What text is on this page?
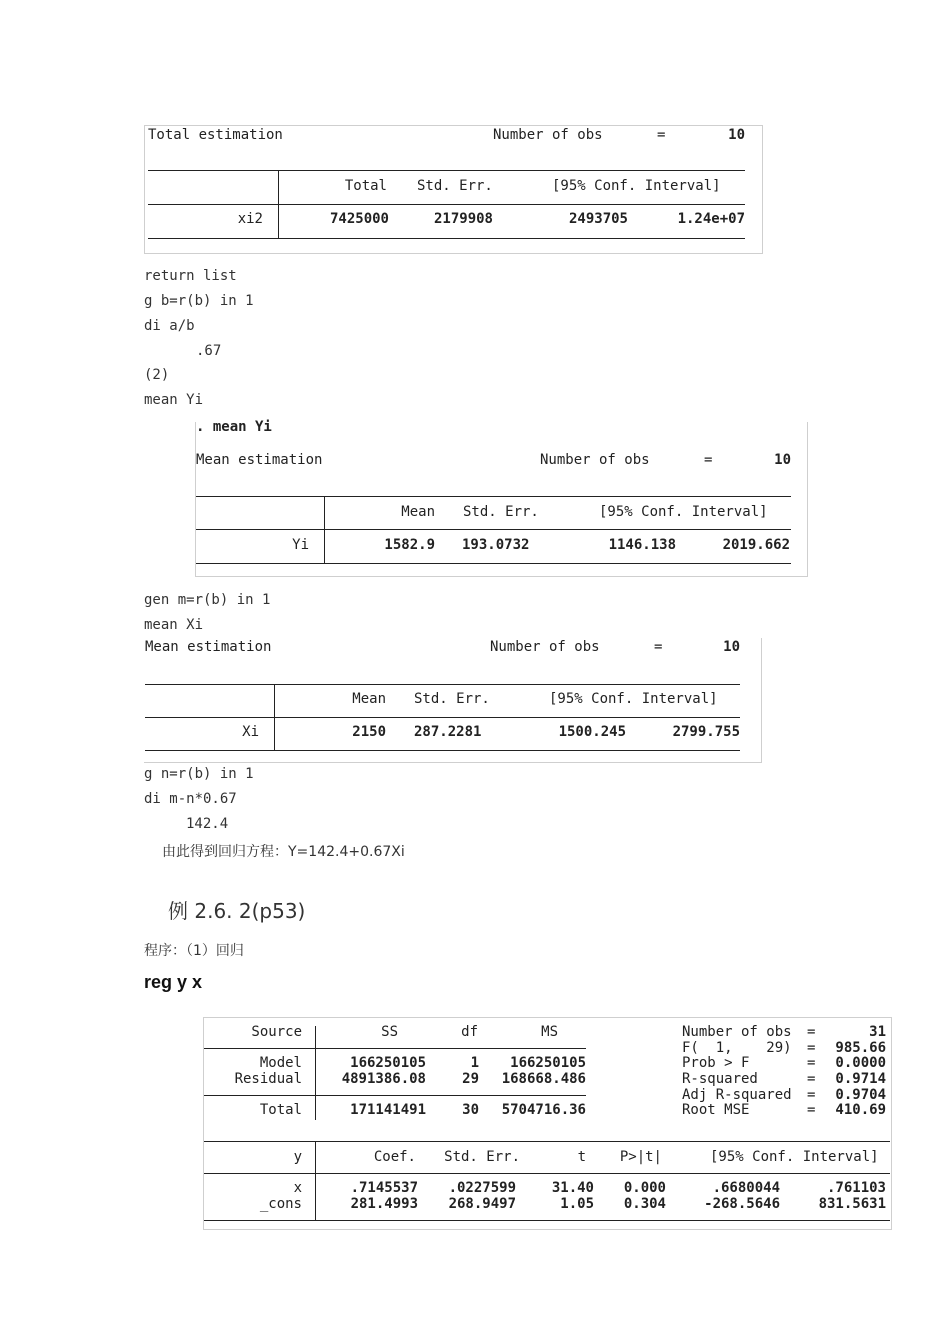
Total estimation	Number of obs	=	10
Total Std. Err.	[95% Conf. Interval]
xi2	7425000	2179908	2493705	1.24e+07
return list
g b=r(b) in 1
di a/b
.67
(2)
mean Yi
. mean Yi
Mean estimation	Number of obs	=	10
Mean Std. Err.	[95% Conf. Interval]
Yi	1582.9 193.0732	1146.138	2019.662
gen m=r(b) in 1
mean Xi
Mean estimation	Number of obs	=	10
Mean Std. Err.	[95% Conf. Interval]
Xi	2150 287.2281	1500.245	2799.755
g n=r(b) in 1
di m-n*0.67
142.4
由此得到回归方程：Y=142.4+0.67Xi
例 2.6. 2(p53)
程序：（1）回归
reg y x
Source	SS	df	MS
Model	166250105	1	166250105
Residual	4891386.08	29	168668.486
Total	171141491	30	5704716.36
Number of obs =	31
F(  1,    29) =	985.66
Prob > F	=	0.0000
R-squared	=	0.9714
Adj R-squared =	0.9704
Root MSE	=	410.69
y	Coef.	Std. Err.	t	P>|t|	[95% Conf. Interval]
x	.7145537	.0227599	31.40	0.000	.6680044	.761103
_cons	281.4993	268.9497	1.05	0.304	-268.5646	831.5631
